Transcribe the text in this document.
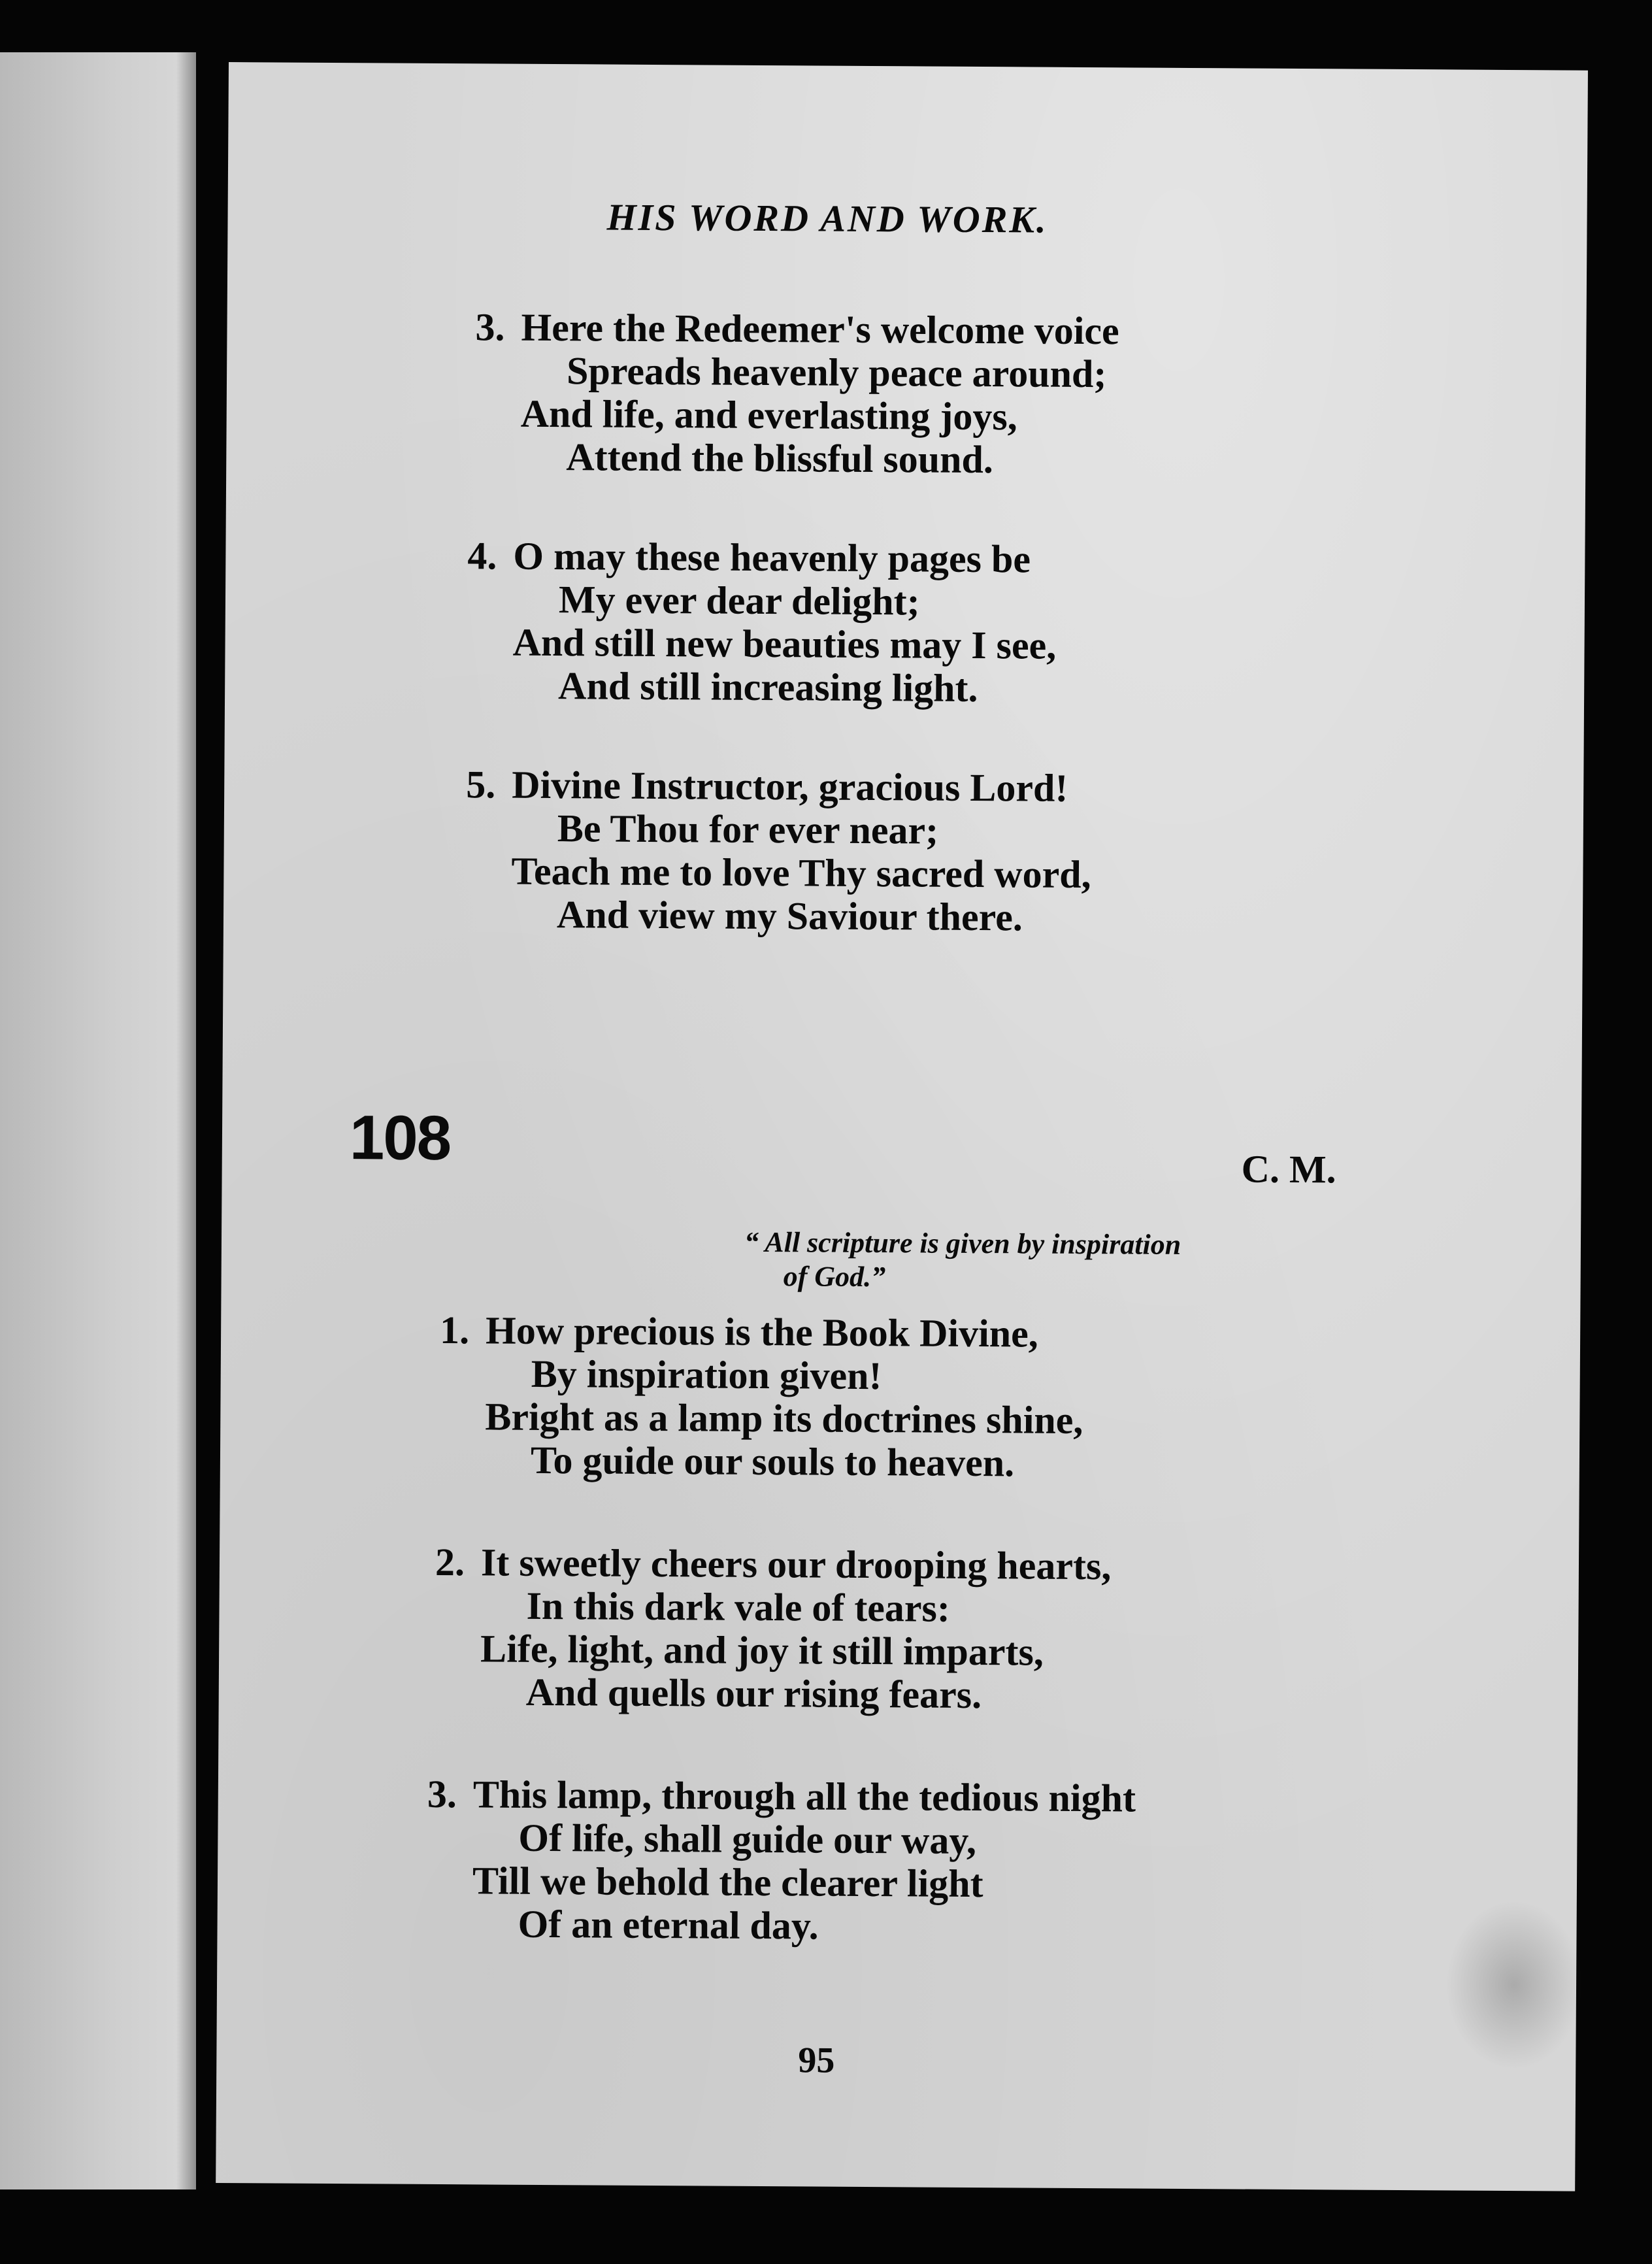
HIS WORD AND WORK.
3. Here the Redeemer's welcome voice
Spreads heavenly peace around;
And life, and everlasting joys,
Attend the blissful sound.
4. O may these heavenly pages be
My ever dear delight;
And still new beauties may I see,
And still increasing light.
5. Divine Instructor, gracious Lord!
Be Thou for ever near;
Teach me to love Thy sacred word,
And view my Saviour there.
108	C. M.
“ All scripture is given by inspiration
of God.”
1. How precious is the Book Divine,
By inspiration given!
Bright as a lamp its doctrines shine,
To guide our souls to heaven.
2. It sweetly cheers our drooping hearts,
In this dark vale of tears:
Life, light, and joy it still imparts,
And quells our rising fears.
3. This lamp, through all the tedious night
Of life, shall guide our way,
Till we behold the clearer light
Of an eternal day.
95
